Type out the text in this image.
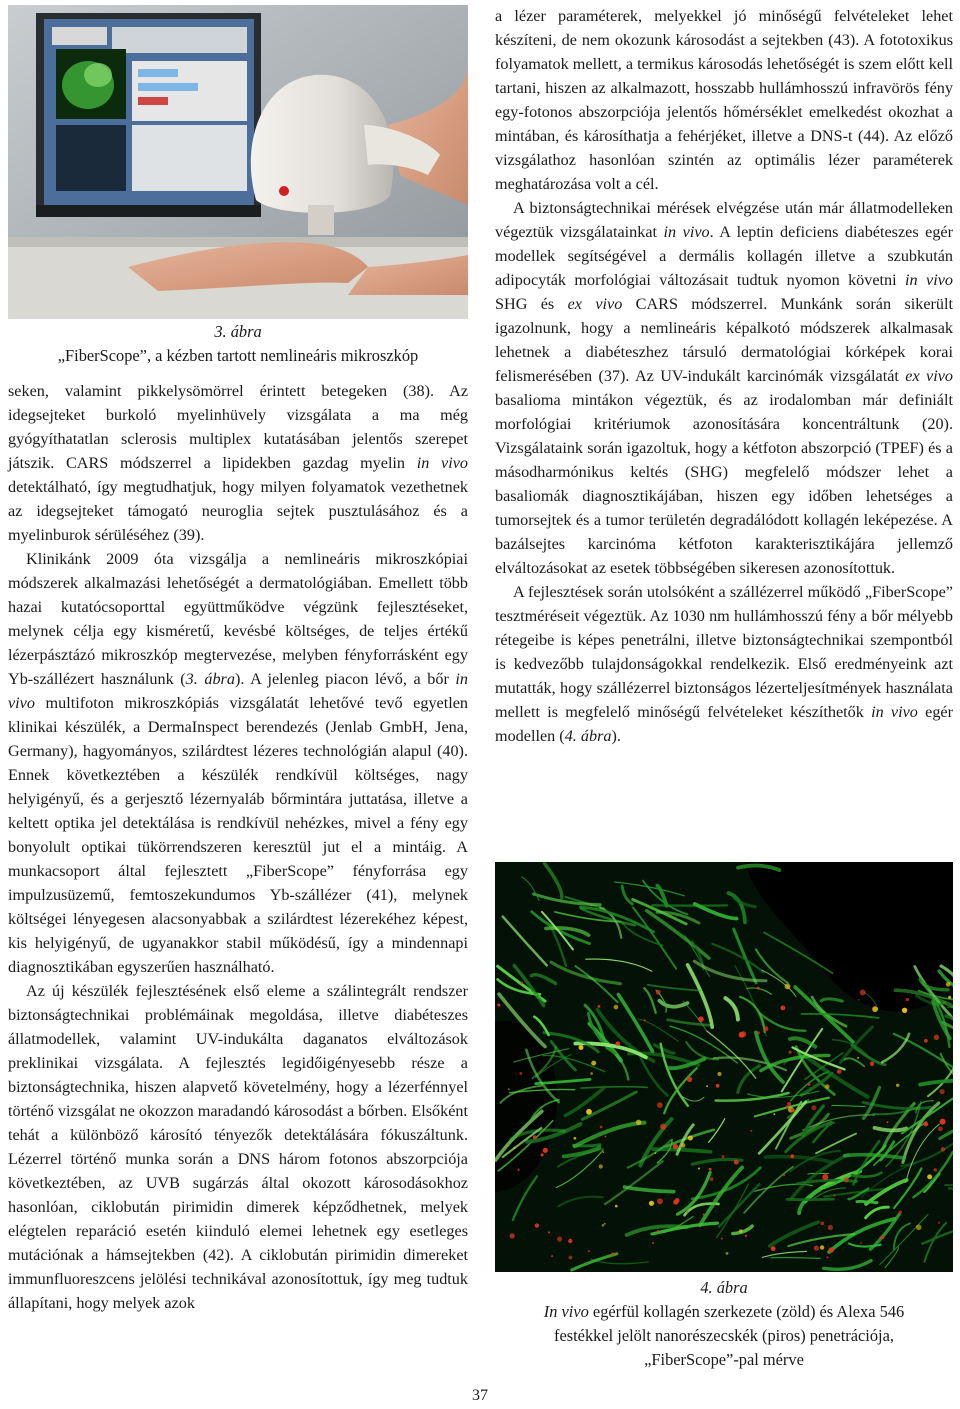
3. ábra
„FiberScope”, a kézben tartott nemlineáris mikroszkóp

seken, valamint pikkelysömörrel érintett betegeken (38). Az idegsejteket burkoló myelinhüvely vizsgálata a ma még gyógyíthatatlan sclerosis multiplex kutatásában jelentős szerepet játszik. CARS módszerrel a lipidekben gazdag myelin in vivo detektálható, így megtudhatjuk, hogy milyen folyamatok vezethetnek az idegsejteket támogató neuroglia sejtek pusztulásához és a myelinburok sérüléséhez (39).

Klinikánk 2009 óta vizsgálja a nemlineáris mikroszkópiai módszerek alkalmazási lehetőségét a dermatológiában. Emellett több hazai kutatócsoporttal együttműködve végzünk fejlesztéseket, melynek célja egy kisméretű, kevésbé költséges, de teljes értékű lézerpásztázó mikroszkóp megtervezése, melyben fényforrásként egy Yb-szállézert használunk (3. ábra). A jelenleg piacon lévő, a bőr in vivo multifoton mikroszkópiás vizsgálatát lehetővé tevő egyetlen klinikai készülék, a DermaInspect berendezés (Jenlab GmbH, Jena, Germany), hagyományos, szilárdtest lézeres technológián alapul (40). Ennek következtében a készülék rendkívül költséges, nagy helyigényű, és a gerjesztő lézernyaláb bőrmintára juttatása, illetve a keltett optika jel detektálása is rendkívül nehézkes, mivel a fény egy bonyolult optikai tükörrendszeren keresztül jut el a mintáig. A munkacsoport által fejlesztett „FiberScope” fényforrása egy impulzusüzemű, femtoszekundumos Yb-szállézer (41), melynek költségei lényegesen alacsonyabbak a szilárdtest lézerekéhez képest, kis helyigényű, de ugyanakkor stabil működésű, így a mindennapi diagnosztikában egyszerűen használható.

Az új készülék fejlesztésének első eleme a szálintegrált rendszer biztonságtechnikai problémáinak megoldása, illetve diabéteszes állatmodellek, valamint UV-indukálta daganatos elváltozások preklinikai vizsgálata. A fejlesztés legidőigényesebb része a biztonságtechnika, hiszen alapvető követelmény, hogy a lézerfénnyel történő vizsgálat ne okozzon maradandó károsodást a bőrben. Elsőként tehát a különböző károsító tényezők detektálására fókuszáltunk. Lézerrel történő munka során a DNS három fotonos abszorpciója következtében, az UVB sugárzás által okozott károsodásokhoz hasonlóan, ciklobután pirimidin dimerek képződhetnek, melyek elégtelen reparáció esetén kiinduló elemei lehetnek egy esetleges mutációnak a hámsejtekben (42). A ciklobután pirimidin dimereket immunfluoreszcens jelölési technikával azonosítottuk, így meg tudtuk állapítani, hogy melyek azok

a lézer paraméterek, melyekkel jó minőségű felvételeket lehet készíteni, de nem okozunk károsodást a sejtekben (43). A fototoxikus folyamatok mellett, a termikus károsodás lehetőségét is szem előtt kell tartani, hiszen az alkalmazott, hosszabb hullámhosszú infravörös fény egy-fotonos abszorpciója jelentős hőmérséklet emelkedést okozhat a mintában, és károsíthatja a fehérjéket, illetve a DNS-t (44). Az előző vizsgálathoz hasonlóan szintén az optimális lézer paraméterek meghatározása volt a cél.

A biztonságtechnikai mérések elvégzése után már állatmodelleken végeztük vizsgálatainkat in vivo. A leptin deficiens diabéteszes egér modellek segítségével a dermális kollagén illetve a szubkután adipocyták morfológiai változásait tudtuk nyomon követni in vivo SHG és ex vivo CARS módszerrel. Munkánk során sikerült igazolnunk, hogy a nemlineáris képalkotó módszerek alkalmasak lehetnek a diabéteszhez társuló dermatológiai kórképek korai felismerésében (37). Az UV-indukált karcinómák vizsgálatát ex vivo basalioma mintákon végeztük, és az irodalomban már definiált morfológiai kritériumok azonosítására koncentráltunk (20). Vizsgálataink során igazoltuk, hogy a kétfoton abszorpció (TPEF) és a másodharmónikus keltés (SHG) megfelelő módszer lehet a basaliomák diagnosztikájában, hiszen egy időben lehetséges a tumorsejtek és a tumor területén degradálódott kollagén leképezése. A bazálsejtes karcinóma kétfoton karakterisztikájára jellemző elváltozásokat az esetek többségében sikeresen azonosítottuk.

A fejlesztések során utolsóként a szállézerrel működő „FiberScope” tesztméréseit végeztük. Az 1030 nm hullámhosszú fény a bőr mélyebb rétegeibe is képes penetrálni, illetve biztonságtechnikai szempontból is kedvezőbb tulajdonságokkal rendelkezik. Első eredményeink azt mutatták, hogy szállézerrel biztonságos lézerteljesítmények használata mellett is megfelelő minőségű felvételeket készíthetők in vivo egér modellen (4. ábra).

4. ábra
In vivo egérfül kollagén szerkezete (zöld) és Alexa 546
festékkel jelölt nanorészecskék (piros) penetrációja,
„FiberScope”-pal mérve
37
